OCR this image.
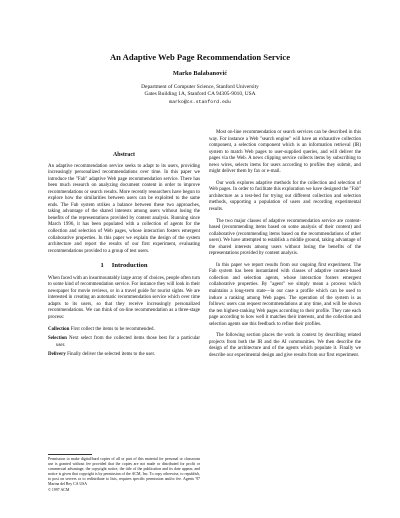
An Adaptive Web Page Recommendation Service
Marko Balabanović
Department of Computer Science, Stanford University
Gates Building 1A, Stanford CA 94305-9010, USA
marko@cs.stanford.edu
Abstract

An adaptive recommendation service seeks to adapt to its users, providing increasingly personalized recommendations over time. In this paper we introduce the "Fab" adaptive Web page recommendation service. There has been much research on analyzing document content in order to improve recommendations or search results. More recently researchers have begun to explore how the similarities between users can be exploited to the same ends. The Fab system strikes a balance between these two approaches, taking advantage of the shared interests among users without losing the benefits of the representations provided by content analysis. Running since March 1996, it has been populated with a collection of agents for the collection and selection of Web pages, whose interaction fosters emergent collaborative properties. In this paper we explain the design of the system architecture and report the results of our first experiment, evaluating recommendations provided to a group of test users.

1 Introduction

When faced with an insurmountably large array of choices, people often turn to some kind of recommendation service. For instance they will look in their newspaper for movie reviews, or in a travel guide for tourist sights. We are interested in creating an automatic recommendation service which over time adapts to its users, so that they receive increasingly personalized recommendations. We can think of on-line recommendation as a three-stage process:

Collection First collect the items to be recommended.
Selection Next select from the collected items those best for a particular user.
Delivery Finally deliver the selected items to the user.
Permission to make digital/hard copies of all or part of this material for personal or classroom use is granted without fee provided that the copies are not made or distributed for profit or commercial advantage, the copyright notice, the title of the publication and its date appear, and notice is given that copyright is by permission of the ACM, Inc. To copy otherwise, to republish, to post on servers or to redistribute to lists, requires specific permission and/or fee. Agents '97 Marina del Rey CA USA
© 1997 ACM

Most on-line recommendation or search services can be described in this way. For instance a Web "search engine" will have an exhaustive collection component, a selection component which is an information retrieval (IR) system to match Web pages to user-supplied queries, and will deliver the pages via the Web. A news clipping service collects items by subscribing to news wires, selects items for users according to profiles they submit, and might deliver them by fax or e-mail.

Our work explores adaptive methods for the collection and selection of Web pages. In order to facilitate this exploration we have designed the "Fab" architecture as a test-bed for trying out different collection and selection methods, supporting a population of users and recording experimental results.

The two major classes of adaptive recommendation service are content-based (recommending items based on some analysis of their content) and collaborative (recommending items based on the recommendations of other users). We have attempted to establish a middle ground, taking advantage of the shared interests among users without losing the benefits of the representations provided by content analysis.

In this paper we report results from our ongoing first experiment. The Fab system has been instantiated with classes of adaptive content-based collection and selection agents, whose interaction fosters emergent collaborative properties. By "agent" we simply mean a process which maintains a long-term state—in our case a profile which can be used to induce a ranking among Web pages. The operation of the system is as follows: users can request recommendations at any time, and will be shown the ten highest-ranking Web pages according to their profile. They rate each page according to how well it matches their interests, and the collection and selection agents use this feedback to refine their profiles.

The following section places the work in context by describing related projects from both the IR and the AI communities. We then describe the design of the architecture and of the agents which populate it. Finally we describe our experimental design and give results from our first experiment.
